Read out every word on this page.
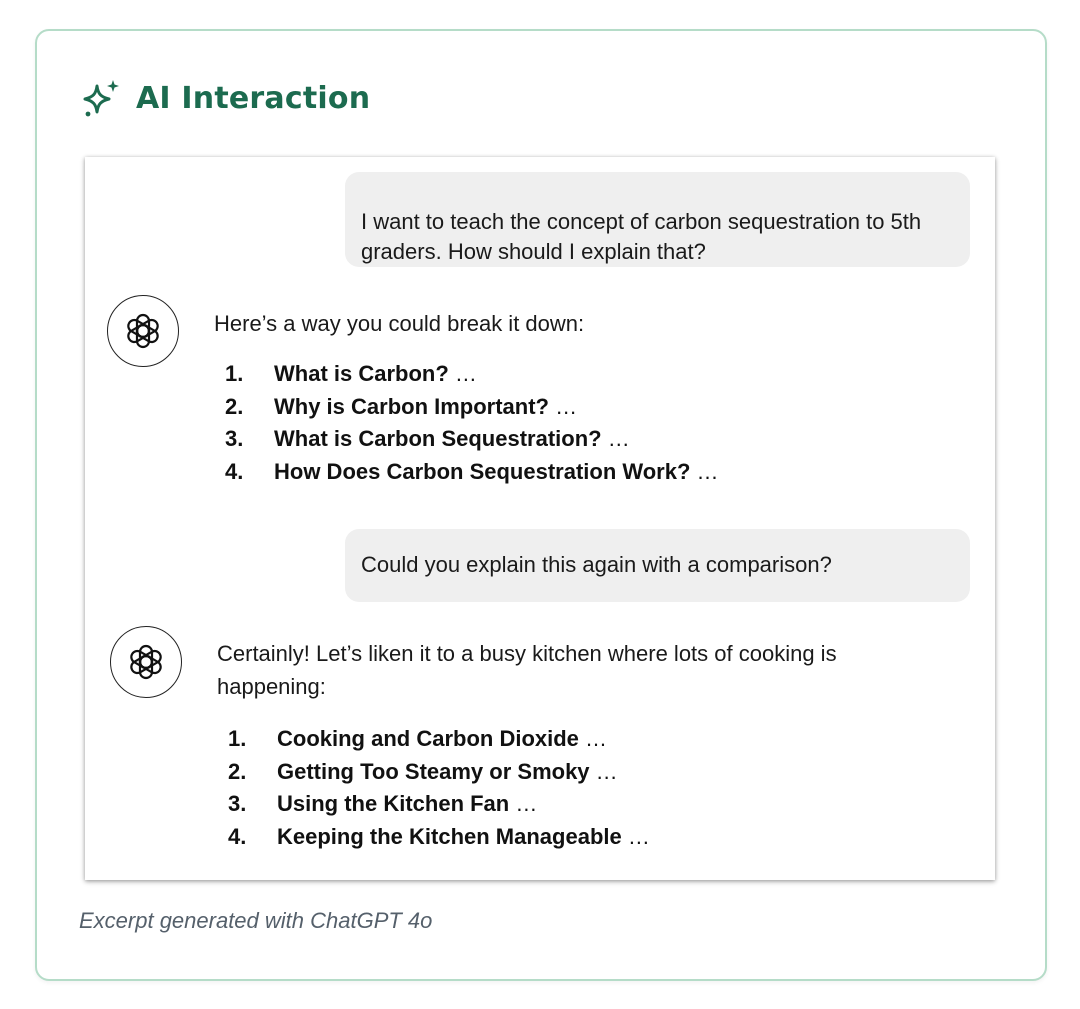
AI Interaction
I want to teach the concept of carbon sequestration to 5th graders. How should I explain that?
Here’s a way you could break it down:
1. What is Carbon? …
2. Why is Carbon Important? …
3. What is Carbon Sequestration? …
4. How Does Carbon Sequestration Work? …
Could you explain this again with a comparison?
Certainly! Let’s liken it to a busy kitchen where lots of cooking is happening:
1. Cooking and Carbon Dioxide …
2. Getting Too Steamy or Smoky …
3. Using the Kitchen Fan …
4. Keeping the Kitchen Manageable …
Excerpt generated with ChatGPT 4o
